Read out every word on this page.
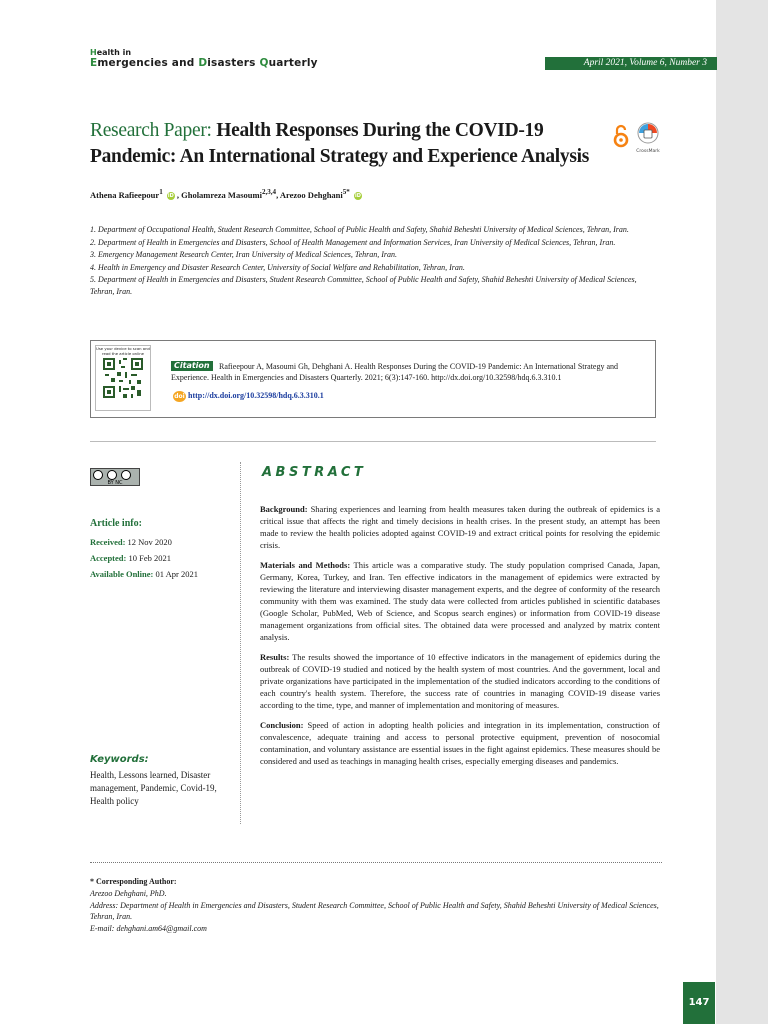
Health in
Emergencies and Disasters Quarterly	April 2021, Volume 6, Number 3
Research Paper: Health Responses During the COVID-19 Pandemic: An International Strategy and Experience Analysis	CrossMark
Athena Rafieepour$^1$ iD , Gholamreza Masoumi$^{2,3,4}$, Arezoo Dehghani$^{5*}$ iD

1. Department of Occupational Health, Student Research Committee, School of Public Health and Safety, Shahid Beheshti University of Medical Sciences, Tehran, Iran.

2. Department of Health in Emergencies and Disasters, School of Health Management and Information Services, Iran University of Medical Sciences, Tehran, Iran.

3. Emergency Management Research Center, Iran University of Medical Sciences, Tehran, Iran.

4. Health in Emergency and Disaster Research Center, University of Social Welfare and Rehabilitation, Tehran, Iran.

5. Department of Health in Emergencies and Disasters, Student Research Committee, School of Public Health and Safety, Shahid Beheshti University of Medical Sciences, Tehran, Iran.

Use your device to scan and read the article online
Citation	Rafieepour A, Masoumi Gh, Dehghani A. Health Responses During the COVID-19 Pandemic: An International Strategy and Experience. Health in Emergencies and Disasters Quarterly. 2021; 6(3):147-160. http://dx.doi.org/10.32598/hdq.6.3.310.1
doi http://dx.doi.org/10.32598/hdq.6.3.310.1
BY NC
Article info:
Received: 12 Nov 2020
Accepted: 10 Feb 2021
Available Online: 01 Apr 2021
Keywords:
Health, Lessons learned, Disaster management, Pandemic, Covid-19, Health policy
ABSTRACT

Background: Sharing experiences and learning from health measures taken during the outbreak of epidemics is a critical issue that affects the right and timely decisions in health crises. In the present study, an attempt has been made to review the health policies adopted against COVID-19 and extract critical points for resolving the epidemic crisis.

Materials and Methods: This article was a comparative study. The study population comprised Canada, Japan, Germany, Korea, Turkey, and Iran. Ten effective indicators in the management of epidemics were extracted by reviewing the literature and interviewing disaster management experts, and the degree of conformity of the research community with them was examined. The study data were collected from articles published in scientific databases (Google Scholar, PubMed, Web of Science, and Scopus search engines) or information from COVID-19 disease management organizations from official sites. The obtained data were processed and analyzed by matrix content analysis.

Results: The results showed the importance of 10 effective indicators in the management of epidemics during the outbreak of COVID-19 studied and noticed by the health system of most countries. And the government, local and private organizations have participated in the implementation of the studied indicators according to the conditions of each country's health system. Therefore, the success rate of countries in managing COVID-19 disease varies according to the time, type, and manner of implementation and monitoring of measures.

Conclusion: Speed of action in adopting health policies and integration in its implementation, construction of convalescence, adequate training and access to personal protective equipment, prevention of nosocomial contamination, and voluntary assistance are essential issues in the fight against epidemics. These measures should be considered and used as teachings in managing health crises, especially emerging diseases and pandemics.

* Corresponding Author:
Arezoo Dehghani, PhD.
Address: Department of Health in Emergencies and Disasters, Student Research Committee, School of Public Health and Safety, Shahid Beheshti University of Medical Sciences, Tehran, Iran.
E-mail: dehghani.am64@gmail.com
147
